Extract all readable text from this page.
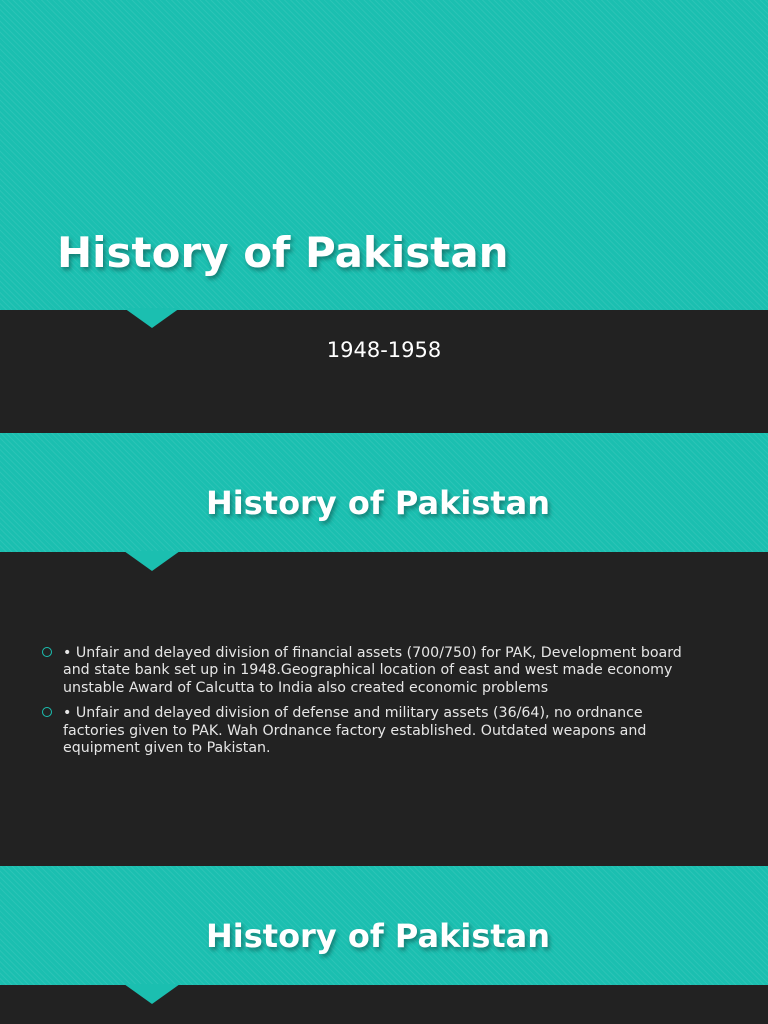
History of Pakistan
1948-1958
History of Pakistan
• Unfair and delayed division of financial assets (700/750) for PAK, Development board and state bank set up in 1948.Geographical location of east and west made economy unstable Award of Calcutta to India also created economic problems
• Unfair and delayed division of defense and military assets (36/64), no ordnance factories given to PAK. Wah Ordnance factory established. Outdated weapons and equipment given to Pakistan.
History of Pakistan
